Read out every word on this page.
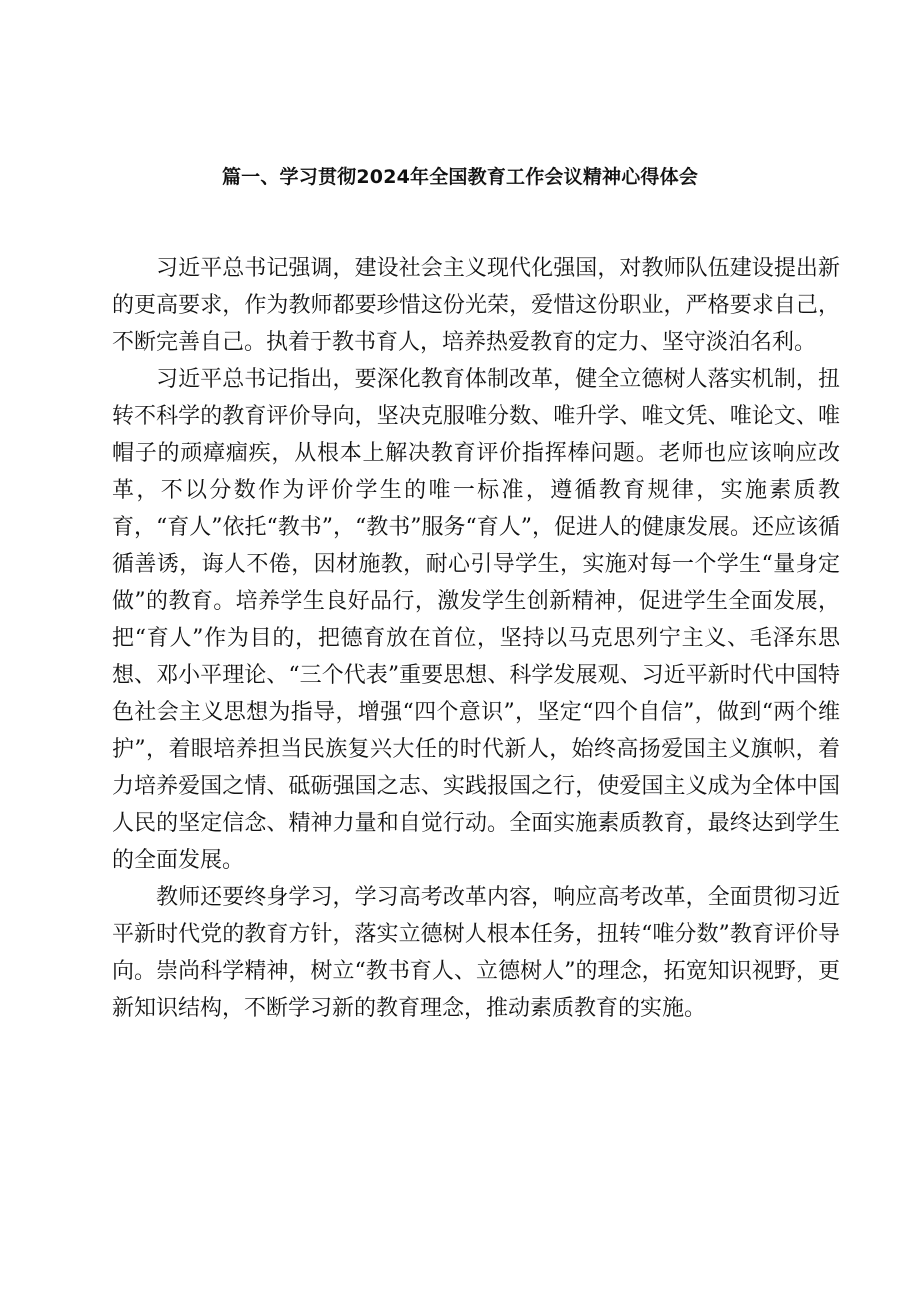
篇一、学习贯彻2024年全国教育工作会议精神心得体会

习近平总书记强调，建设社会主义现代化强国，对教师队伍建设提出新的更高要求，作为教师都要珍惜这份光荣，爱惜这份职业，严格要求自己，不断完善自己。执着于教书育人，培养热爱教育的定力、坚守淡泊名利。

习近平总书记指出，要深化教育体制改革，健全立德树人落实机制，扭转不科学的教育评价导向，坚决克服唯分数、唯升学、唯文凭、唯论文、唯帽子的顽瘴痼疾，从根本上解决教育评价指挥棒问题。老师也应该响应改革，不以分数作为评价学生的唯一标准，遵循教育规律，实施素质教育，“育人”依托“教书”，“教书”服务“育人”，促进人的健康发展。还应该循循善诱，诲人不倦，因材施教，耐心引导学生，实施对每一个学生“量身定做”的教育。培养学生良好品行，激发学生创新精神，促进学生全面发展，把“育人”作为目的，把德育放在首位，坚持以马克思列宁主义、毛泽东思想、邓小平理论、“三个代表”重要思想、科学发展观、习近平新时代中国特色社会主义思想为指导，增强“四个意识”，坚定“四个自信”，做到“两个维护”，着眼培养担当民族复兴大任的时代新人，始终高扬爱国主义旗帜，着力培养爱国之情、砥砺强国之志、实践报国之行，使爱国主义成为全体中国人民的坚定信念、精神力量和自觉行动。全面实施素质教育，最终达到学生的全面发展。

教师还要终身学习，学习高考改革内容，响应高考改革，全面贯彻习近平新时代党的教育方针，落实立德树人根本任务，扭转“唯分数”教育评价导向。崇尚科学精神，树立“教书育人、立德树人”的理念，拓宽知识视野，更新知识结构，不断学习新的教育理念，推动素质教育的实施。
